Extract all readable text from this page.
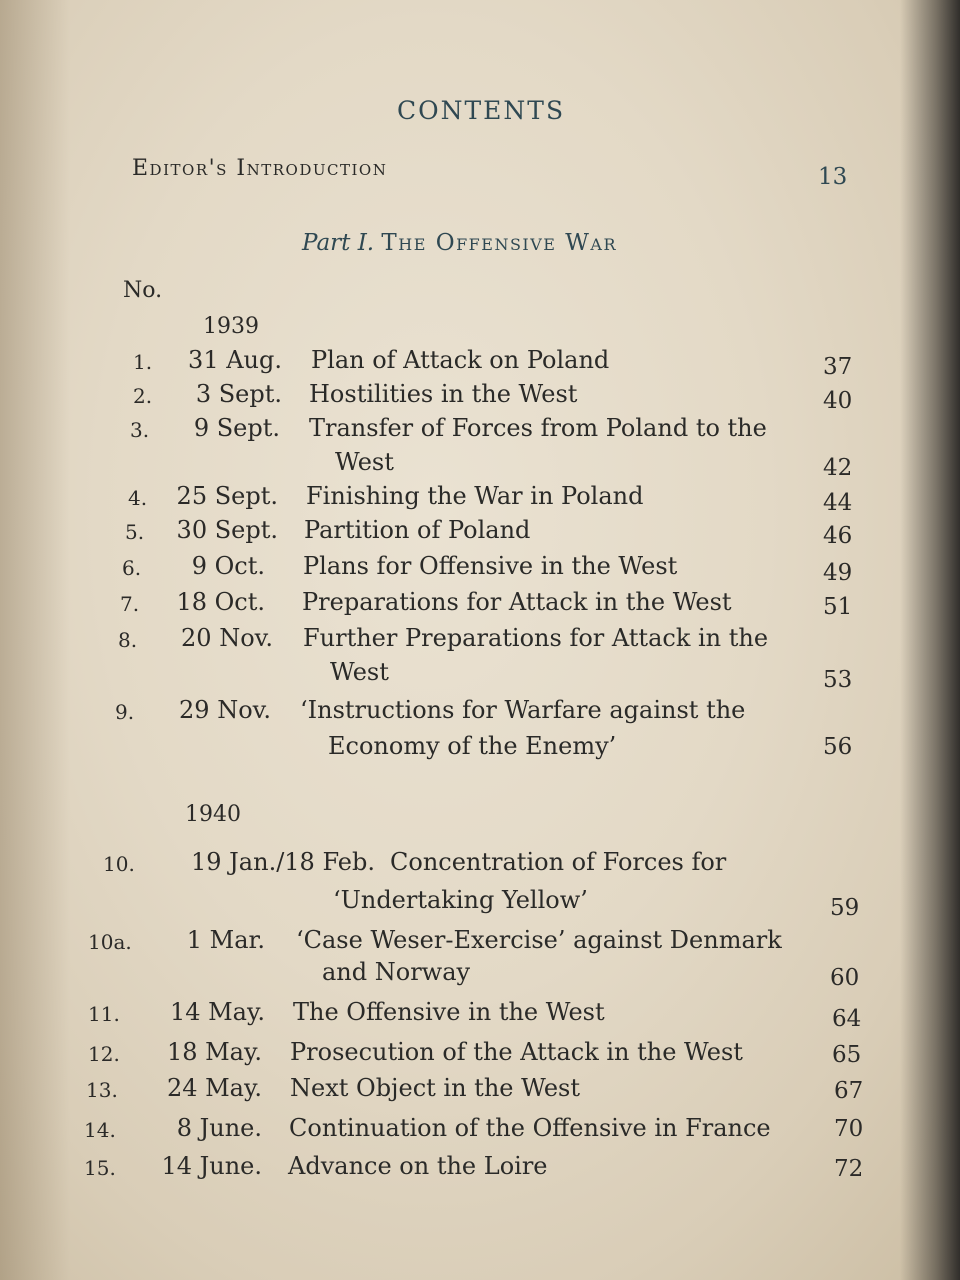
CONTENTS
Editor's Introduction	13
Part I. The Offensive War
No.
1939
1940
1. 31 Aug. Plan of Attack on Poland	37
2. 3 Sept. Hostilities in the West	40
3. 9 Sept. Transfer of Forces from Poland to the
West	42
4. 25 Sept. Finishing the War in Poland	44
5. 30 Sept. Partition of Poland	46
6. 9 Oct. Plans for Offensive in the West	49
7. 18 Oct. Preparations for Attack in the West	51
8. 20 Nov. Further Preparations for Attack in the
West	53
9. 29 Nov. ‘Instructions for Warfare against the
Economy of the Enemy’	56
10. 19 Jan./18 Feb. Concentration of Forces for
‘Undertaking Yellow’	59
10a. 1 Mar. ‘Case Weser-Exercise’ against Denmark
and Norway	60
11. 14 May. The Offensive in the West	64
12. 18 May. Prosecution of the Attack in the West	65
13. 24 May. Next Object in the West	67
14.	8 June. Continuation of the Offensive in France	70
15. 14 June. Advance on the Loire	72
